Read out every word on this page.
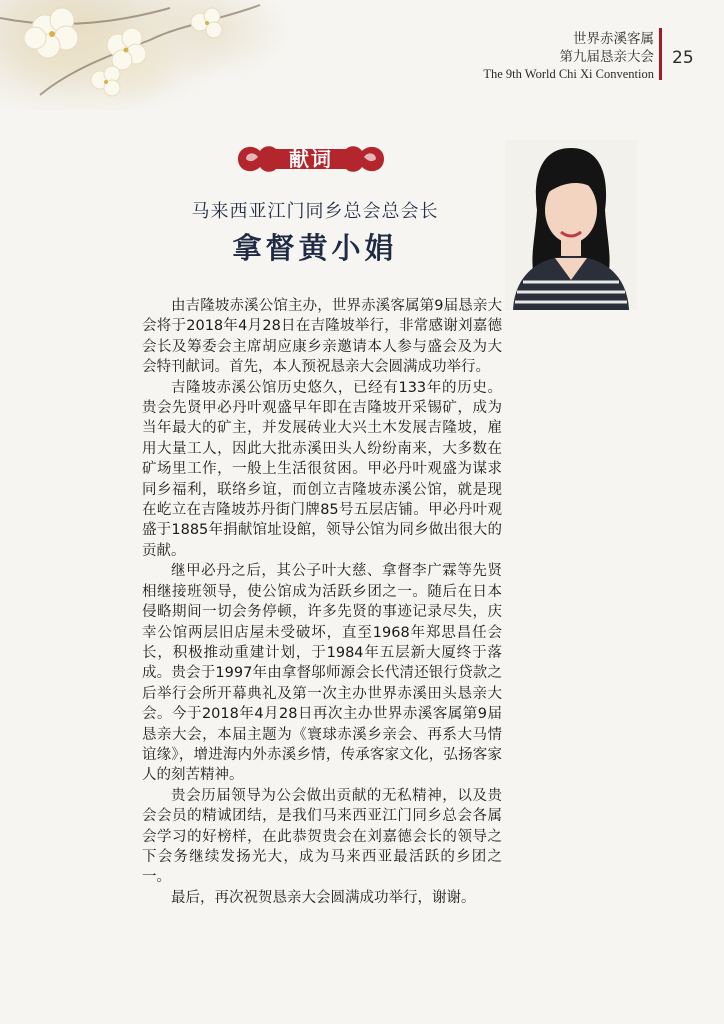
世界赤溪客属
第九届恳亲大会
The 9th World Chi Xi Convention
25
献词
马来西亚江门同乡总会总会长
拿督黄小娟

由吉隆坡赤溪公馆主办，世界赤溪客属第9届恳亲大会将于2018年4月28日在吉隆坡举行，非常感谢刘嘉德会长及筹委会主席胡应康乡亲邀请本人参与盛会及为大会特刊献词。首先，本人预祝恳亲大会圆满成功举行。

吉隆坡赤溪公馆历史悠久，已经有133年的历史。贵会先贤甲必丹叶观盛早年即在吉隆坡开采锡矿，成为当年最大的矿主，并发展砖业大兴土木发展吉隆坡，雇用大量工人，因此大批赤溪田头人纷纷南来，大多数在矿场里工作，一般上生活很贫困。甲必丹叶观盛为谋求同乡福利，联络乡谊，而创立吉隆坡赤溪公馆，就是现在屹立在吉隆坡苏丹街门牌85号五层店铺。甲必丹叶观盛于1885年捐献馆址设館，领导公馆为同乡做出很大的贡献。

继甲必丹之后，其公子叶大慈、拿督李广霖等先贤相继接班领导，使公馆成为活跃乡团之一。随后在日本侵略期间一切会务停顿，许多先贤的事迹记录尽失，庆幸公馆两层旧店屋未受破坏，直至1968年郑思昌任会长，积极推动重建计划，于1984年五层新大厦终于落成。贵会于1997年由拿督邬师源会长代清还银行贷款之后举行会所开幕典礼及第一次主办世界赤溪田头恳亲大会。今于2018年4月28日再次主办世界赤溪客属第9届恳亲大会，本届主题为《寰球赤溪乡亲会、再系大马情谊缘》，增进海内外赤溪乡情，传承客家文化，弘扬客家人的刻苦精神。

贵会历届领导为公会做出贡献的无私精神，以及贵会会员的精诚团结，是我们马来西亚江门同乡总会各属会学习的好榜样，在此恭贺贵会在刘嘉德会长的领导之下会务继续发扬光大，成为马来西亚最活跃的乡团之一。

最后，再次祝贺恳亲大会圆满成功举行，谢谢。
